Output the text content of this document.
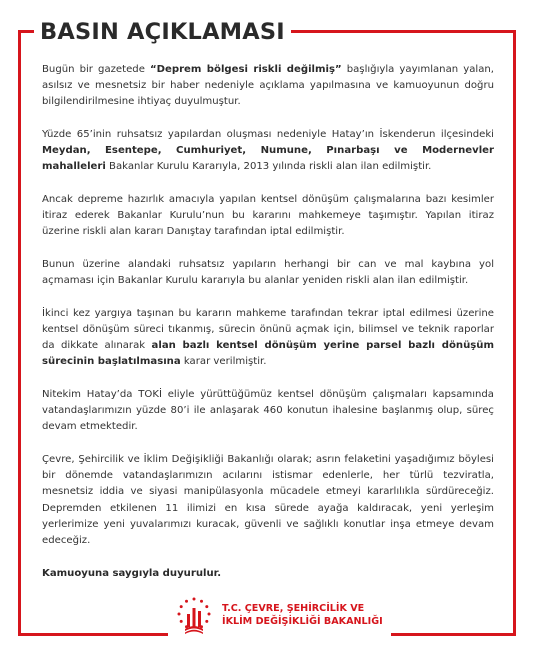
BASIN AÇIKLAMASI

Bugün bir gazetede “Deprem bölgesi riskli değilmiş” başlığıyla yayımlanan yalan, asılsız ve mesnetsiz bir haber nedeniyle açıklama yapılmasına ve kamuoyunun doğru bilgilendirilmesine ihtiyaç duyulmuştur.

Yüzde 65’inin ruhsatsız yapılardan oluşması nedeniyle Hatay’ın İskenderun ilçesindeki Meydan, Esentepe, Cumhuriyet, Numune, Pınarbaşı ve Modernevler mahalleleri Bakanlar Kurulu Kararıyla, 2013 yılında riskli alan ilan edilmiştir.

Ancak depreme hazırlık amacıyla yapılan kentsel dönüşüm çalışmalarına bazı kesimler itiraz ederek Bakanlar Kurulu’nun bu kararını mahkemeye taşımıştır. Yapılan itiraz üzerine riskli alan kararı Danıştay tarafından iptal edilmiştir.

Bunun üzerine alandaki ruhsatsız yapıların herhangi bir can ve mal kaybına yol açmaması için Bakanlar Kurulu kararıyla bu alanlar yeniden riskli alan ilan edilmiştir.

İkinci kez yargıya taşınan bu kararın mahkeme tarafından tekrar iptal edilmesi üzerine kentsel dönüşüm süreci tıkanmış, sürecin önünü açmak için, bilimsel ve teknik raporlar da dikkate alınarak alan bazlı kentsel dönüşüm yerine parsel bazlı dönüşüm sürecinin başlatılmasına karar verilmiştir.

Nitekim Hatay’da TOKİ eliyle yürüttüğümüz kentsel dönüşüm çalışmaları kapsamında vatandaşlarımızın yüzde 80’i ile anlaşarak 460 konutun ihalesine başlanmış olup, süreç devam etmektedir.

Çevre, Şehircilik ve İklim Değişikliği Bakanlığı olarak; asrın felaketini yaşadığımız böylesi bir dönemde vatandaşlarımızın acılarını istismar edenlerle, her türlü tezviratla, mesnetsiz iddia ve siyasi manipülasyonla mücadele etmeyi kararlılıkla sürdüreceğiz. Depremden etkilenen 11 ilimizi en kısa sürede ayağa kaldıracak, yeni yerleşim yerlerimize yeni yuvalarımızı kuracak, güvenli ve sağlıklı konutlar inşa etmeye devam edeceğiz.

Kamuoyuna saygıyla duyurulur.

T.C. ÇEVRE, ŞEHİRCİLİK VE
İKLİM DEĞİŞİKLİĞİ BAKANLIĞI
